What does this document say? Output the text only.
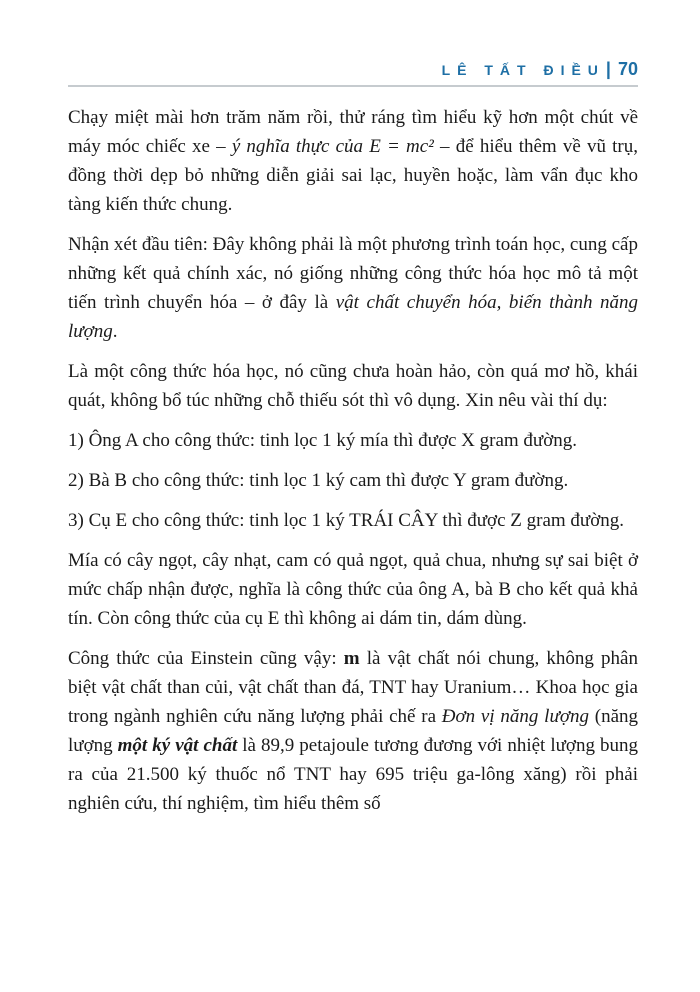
LÊ TẤT ĐIỀU| 70

Chạy miệt mài hơn trăm năm rồi, thử ráng tìm hiểu kỹ hơn một chút về máy móc chiếc xe – ý nghĩa thực của E = mc² – để hiểu thêm về vũ trụ, đồng thời dẹp bỏ những diễn giải sai lạc, huyền hoặc, làm vẩn đục kho tàng kiến thức chung.

Nhận xét đầu tiên: Đây không phải là một phương trình toán học, cung cấp những kết quả chính xác, nó giống những công thức hóa học mô tả một tiến trình chuyển hóa – ở đây là vật chất chuyển hóa, biến thành năng lượng.

Là một công thức hóa học, nó cũng chưa hoàn hảo, còn quá mơ hồ, khái quát, không bổ túc những chỗ thiếu sót thì vô dụng. Xin nêu vài thí dụ:

1) Ông A cho công thức: tinh lọc 1 ký mía thì được X gram đường.

2) Bà B cho công thức: tinh lọc 1 ký cam thì được Y gram đường.

3) Cụ E cho công thức: tinh lọc 1 ký TRÁI CÂY thì được Z gram đường.

Mía có cây ngọt, cây nhạt, cam có quả ngọt, quả chua, nhưng sự sai biệt ở mức chấp nhận được, nghĩa là công thức của ông A, bà B cho kết quả khả tín. Còn công thức của cụ E thì không ai dám tin, dám dùng.

Công thức của Einstein cũng vậy: m là vật chất nói chung, không phân biệt vật chất than củi, vật chất than đá, TNT hay Uranium… Khoa học gia trong ngành nghiên cứu năng lượng phải chế ra Đơn vị năng lượng (năng lượng một ký vật chất là 89,9 petajoule tương đương với nhiệt lượng bung ra của 21.500 ký thuốc nổ TNT hay 695 triệu ga-lông xăng) rồi phải nghiên cứu, thí nghiệm, tìm hiểu thêm số
